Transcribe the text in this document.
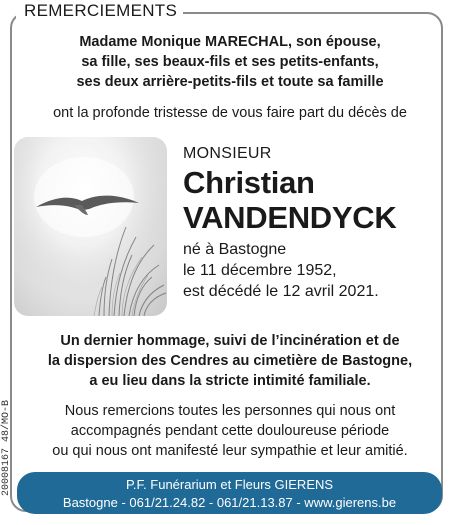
REMERCIEMENTS
Madame Monique MARECHAL, son épouse,
sa fille, ses beaux-fils et ses petits-enfants,
ses deux arrière-petits-fils et toute sa famille
ont la profonde tristesse de vous faire part du décès de
MONSIEUR
Christian
VANDENDYCK
né à Bastogne
le 11 décembre 1952,
est décédé le 12 avril 2021.
Un dernier hommage, suivi de l’incinération et de
la dispersion des Cendres au cimetière de Bastogne,
a eu lieu dans la stricte intimité familiale.
Nous remercions toutes les personnes qui nous ont
accompagnés pendant cette douloureuse période
ou qui nous ont manifesté leur sympathie et leur amitié.
20008167 48/MO-B	P.F. Funérarium et Fleurs GIERENS
Bastogne - 061/21.24.82 - 061/21.13.87 - www.gierens.be
